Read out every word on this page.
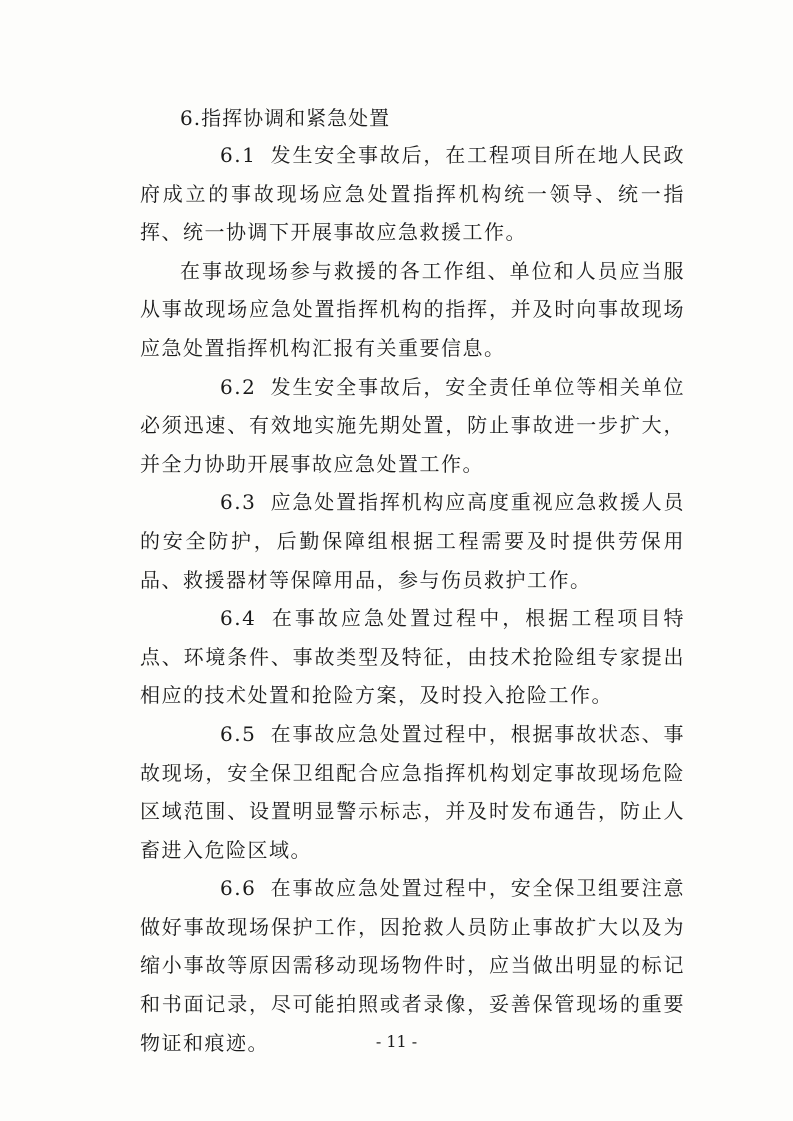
6.指挥协调和紧急处置

6.1 发生安全事故后，在工程项目所在地人民政府成立的事故现场应急处置指挥机构统一领导、统一指挥、统一协调下开展事故应急救援工作。

在事故现场参与救援的各工作组、单位和人员应当服从事故现场应急处置指挥机构的指挥，并及时向事故现场应急处置指挥机构汇报有关重要信息。

6.2 发生安全事故后，安全责任单位等相关单位必须迅速、有效地实施先期处置，防止事故进一步扩大，并全力协助开展事故应急处置工作。

6.3 应急处置指挥机构应高度重视应急救援人员的安全防护，后勤保障组根据工程需要及时提供劳保用品、救援器材等保障用品，参与伤员救护工作。

6.4 在事故应急处置过程中，根据工程项目特点、环境条件、事故类型及特征，由技术抢险组专家提出相应的技术处置和抢险方案，及时投入抢险工作。

6.5 在事故应急处置过程中，根据事故状态、事故现场，安全保卫组配合应急指挥机构划定事故现场危险区域范围、设置明显警示标志，并及时发布通告，防止人畜进入危险区域。

6.6 在事故应急处置过程中，安全保卫组要注意做好事故现场保护工作，因抢救人员防止事故扩大以及为缩小事故等原因需移动现场物件时，应当做出明显的标记和书面记录，尽可能拍照或者录像，妥善保管现场的重要物证和痕迹。	- 11 -
